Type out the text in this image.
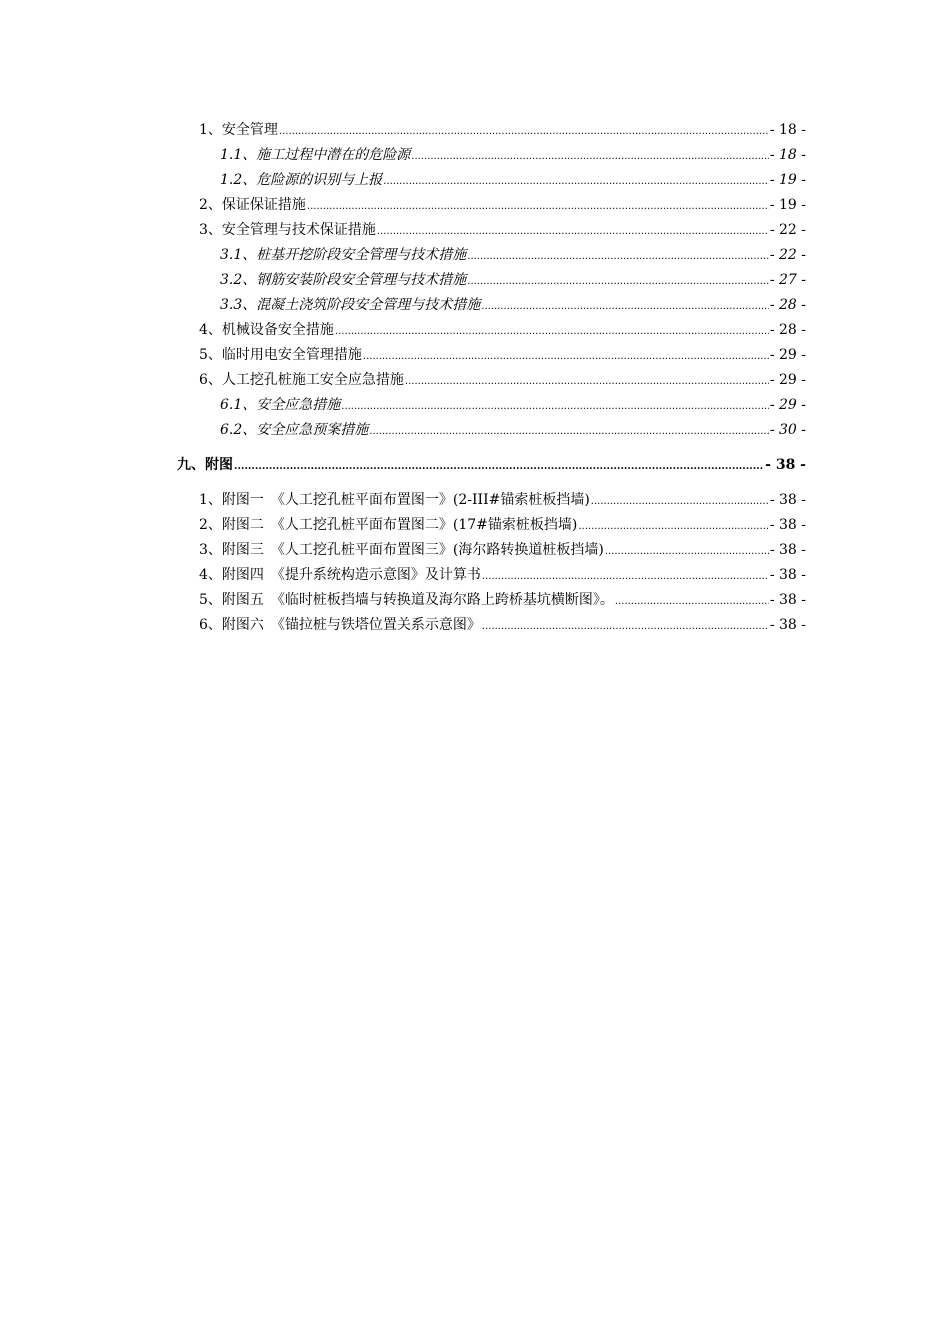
1、安全管理 .....	- 18 -
1.1、施工过程中潜在的危险源 .....	- 18 -
1.2、危险源的识别与上报 .....	- 19 -
2、保证保证措施 .....	- 19 -
3、安全管理与技术保证措施 .....	- 22 -
3.1、桩基开挖阶段安全管理与技术措施 .....	- 22 -
3.2、钢筋安装阶段安全管理与技术措施 .....	- 27 -
3.3、混凝土浇筑阶段安全管理与技术措施 .....	- 28 -
4、机械设备安全措施 .....	- 28 -
5、临时用电安全管理措施 .....	- 29 -
6、人工挖孔桩施工安全应急措施 .....	- 29 -
6.1、安全应急措施 .....	- 29 -
6.2、安全应急预案措施 .....	- 30 -
九、附图 .....	- 38 -
1、附图一　《人工挖孔桩平面布置图一》(2-III#锚索桩板挡墙) .....	- 38 -
2、附图二　《人工挖孔桩平面布置图二》(17#锚索桩板挡墙) .....	- 38 -
3、附图三　《人工挖孔桩平面布置图三》(海尔路转换道桩板挡墙) .....	- 38 -
4、附图四　《提升系统构造示意图》及计算书 .....	- 38 -
5、附图五　《临时桩板挡墙与转换道及海尔路上跨桥基坑横断图》。 .....	- 38 -
6、附图六　《锚拉桩与铁塔位置关系示意图》 .....	- 38 -
